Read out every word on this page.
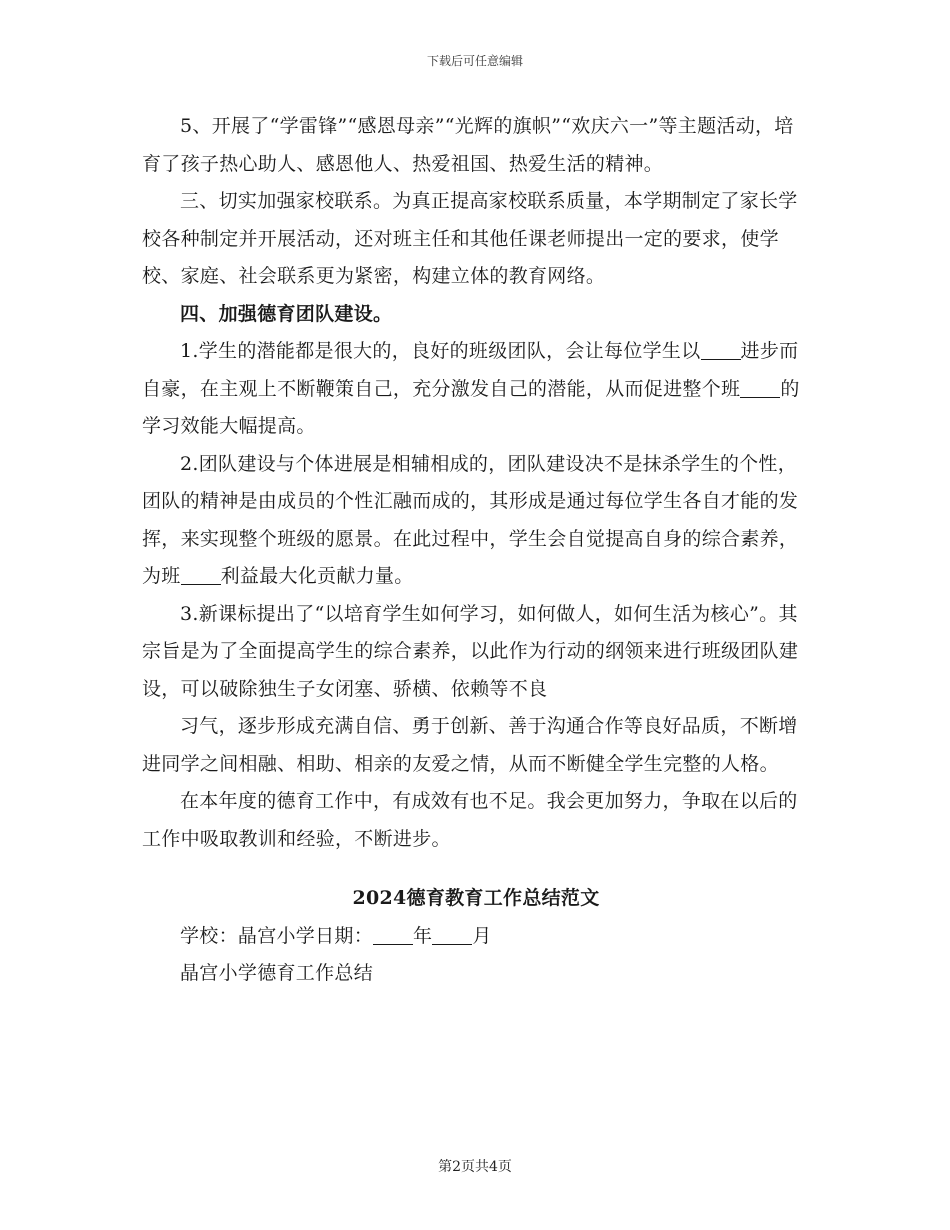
下载后可任意编辑

5、开展了“学雷锋”“感恩母亲”“光辉的旗帜”“欢庆六一”等主题活动，培育了孩子热心助人、感恩他人、热爱祖国、热爱生活的精神。

三、切实加强家校联系。为真正提高家校联系质量，本学期制定了家长学校各种制定并开展活动，还对班主任和其他任课老师提出一定的要求，使学校、家庭、社会联系更为紧密，构建立体的教育网络。

四、加强德育团队建设。

1.学生的潜能都是很大的，良好的班级团队，会让每位学生以 进步而自豪，在主观上不断鞭策自己，充分激发自己的潜能，从而促进整个班 的学习效能大幅提高。

2.团队建设与个体进展是相辅相成的，团队建设决不是抹杀学生的个性，团队的精神是由成员的个性汇融而成的，其形成是通过每位学生各自才能的发挥，来实现整个班级的愿景。在此过程中，学生会自觉提高自身的综合素养，为班 利益最大化贡献力量。

3.新课标提出了“以培育学生如何学习，如何做人，如何生活为核心”。其宗旨是为了全面提高学生的综合素养，以此作为行动的纲领来进行班级团队建设，可以破除独生子女闭塞、骄横、依赖等不良

习气，逐步形成充满自信、勇于创新、善于沟通合作等良好品质，不断增进同学之间相融、相助、相亲的友爱之情，从而不断健全学生完整的人格。

在本年度的德育工作中，有成效有也不足。我会更加努力，争取在以后的工作中吸取教训和经验，不断进步。

2024德育教育工作总结范文

学校：晶宫小学日期： 年 月

晶宫小学德育工作总结

第2页共4页
